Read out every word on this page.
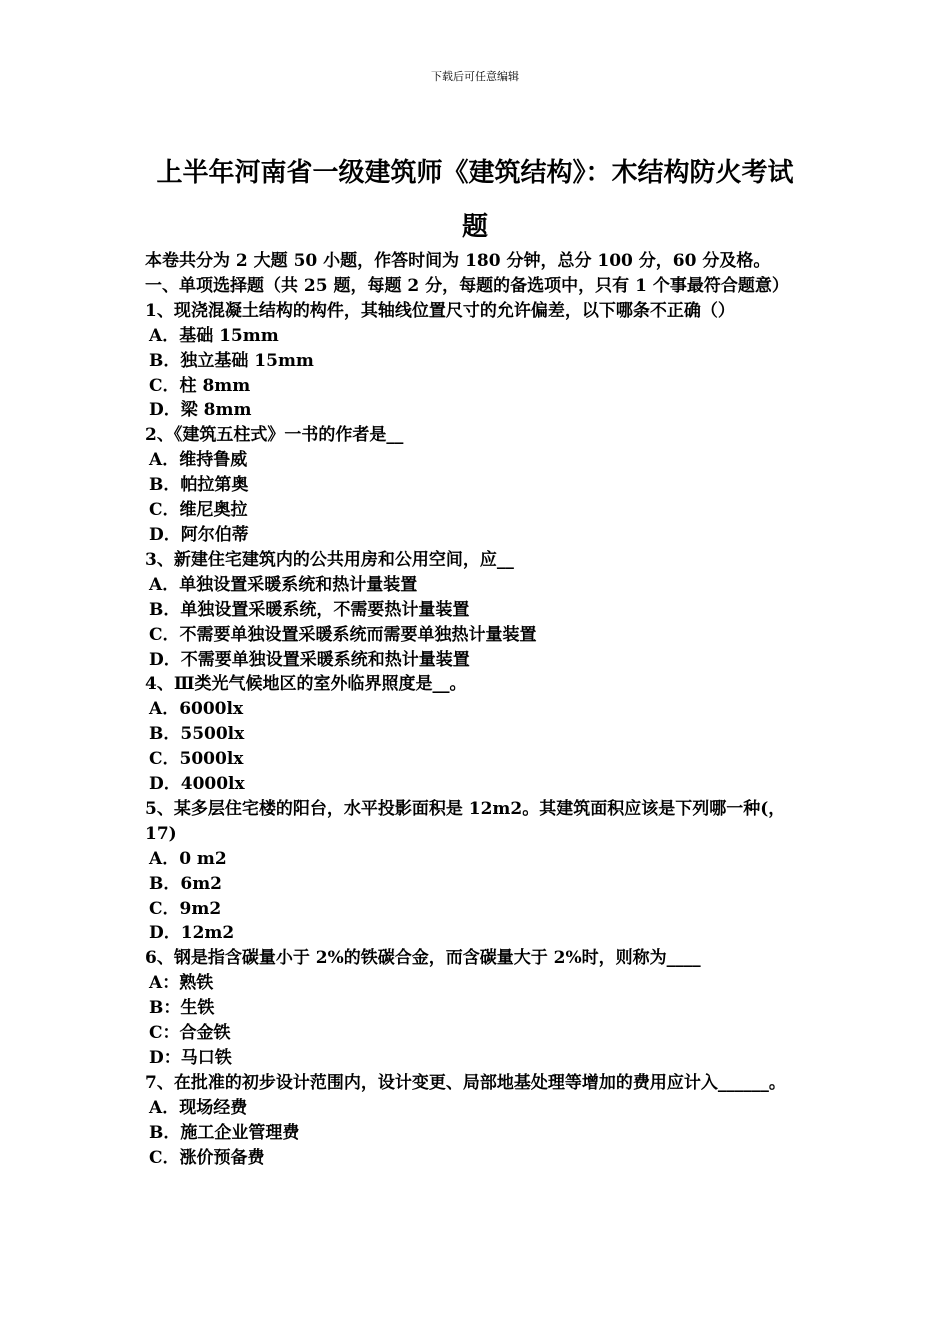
下载后可任意编辑
上半年河南省一级建筑师《建筑结构》：木结构防火考试题
本卷共分为 2 大题 50 小题，作答时间为 180 分钟，总分 100 分，60 分及格。
一、单项选择题（共 25 题，每题 2 分，每题的备选项中，只有 1 个事最符合题意）
1、现浇混凝土结构的构件，其轴线位置尺寸的允许偏差，以下哪条不正确（）
A．基础 15mm
B．独立基础 15mm
C．柱 8mm
D．梁 8mm
2、《建筑五柱式》一书的作者是__
A．维持鲁威
B．帕拉第奥
C．维尼奥拉
D．阿尔伯蒂
3、新建住宅建筑内的公共用房和公用空间，应__
A．单独设置采暖系统和热计量装置
B．单独设置采暖系统，不需要热计量装置
C．不需要单独设置采暖系统而需要单独热计量装置
D．不需要单独设置采暖系统和热计量装置
4、Ⅲ类光气候地区的室外临界照度是__。
A．6000lx
B．5500lx
C．5000lx
D．4000lx
5、某多层住宅楼的阳台，水平投影面积是 12m2。其建筑面积应该是下列哪一种(，17)
A．0 m2
B．6m2
C．9m2
D．12m2
6、钢是指含碳量小于 2%的铁碳合金，而含碳量大于 2%时，则称为____
A：熟铁
B：生铁
C：合金铁
D：马口铁
7、在批准的初步设计范围内，设计变更、局部地基处理等增加的费用应计入______。
A．现场经费
B．施工企业管理费
C．涨价预备费
